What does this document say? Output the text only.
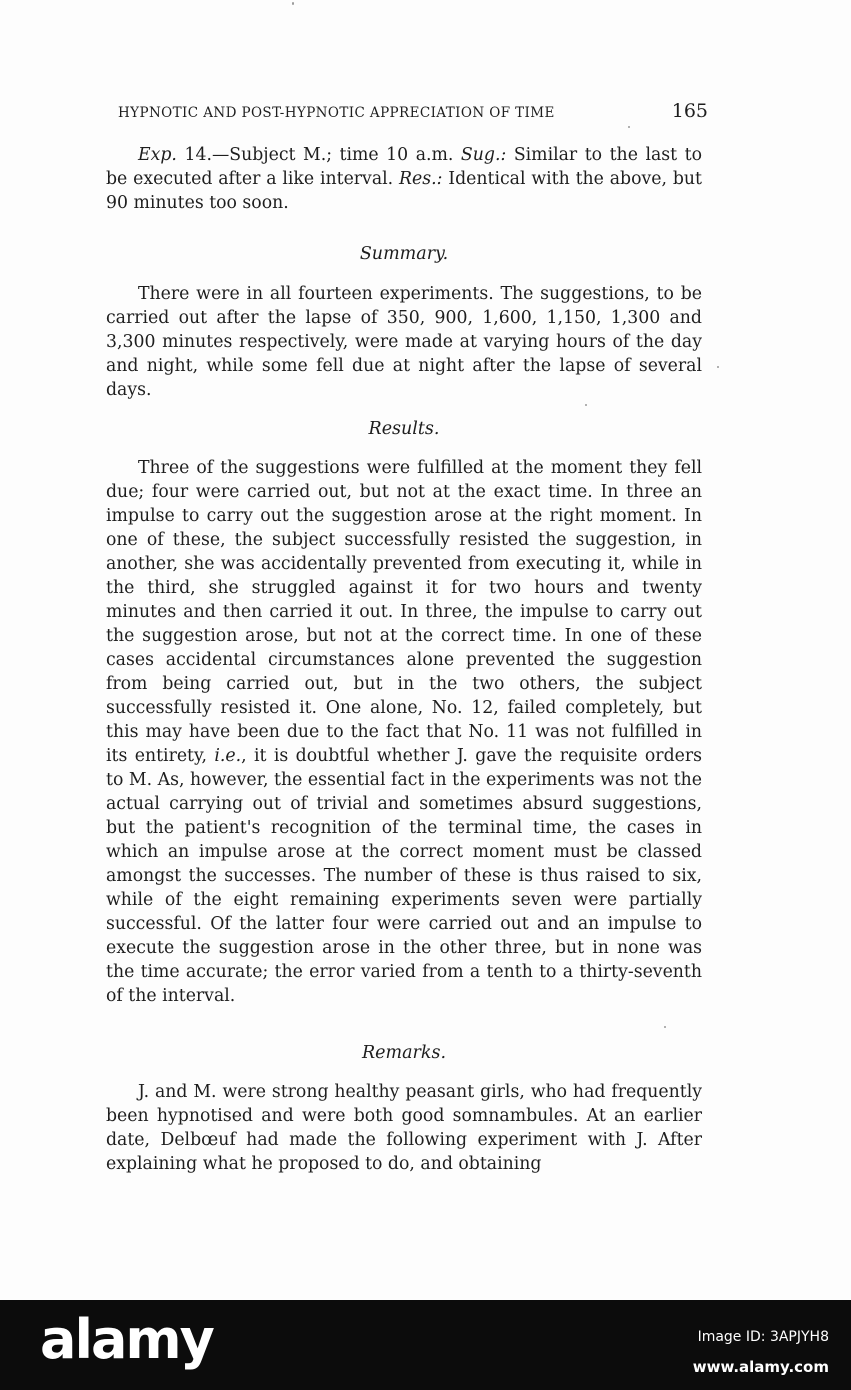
HYPNOTIC AND POST-HYPNOTIC APPRECIATION OF TIME	165

Exp. 14.—Subject M.; time 10 a.m. Sug.: Similar to the last to be executed after a like interval. Res.: Identical with the above, but 90 minutes too soon.

Summary.

There were in all fourteen experiments. The suggestions, to be carried out after the lapse of 350, 900, 1,600, 1,150, 1,300 and 3,300 minutes respectively, were made at varying hours of the day and night, while some fell due at night after the lapse of several days.

Results.

Three of the suggestions were fulfilled at the moment they fell due; four were carried out, but not at the exact time. In three an impulse to carry out the suggestion arose at the right moment. In one of these, the subject successfully resisted the suggestion, in another, she was accidentally prevented from executing it, while in the third, she struggled against it for two hours and twenty minutes and then carried it out. In three, the impulse to carry out the suggestion arose, but not at the correct time. In one of these cases accidental circumstances alone prevented the suggestion from being carried out, but in the two others, the subject successfully resisted it. One alone, No. 12, failed completely, but this may have been due to the fact that No. 11 was not fulfilled in its entirety, i.e., it is doubtful whether J. gave the requisite orders to M. As, however, the essential fact in the experiments was not the actual carrying out of trivial and sometimes absurd suggestions, but the patient's recognition of the terminal time, the cases in which an impulse arose at the correct moment must be classed amongst the successes. The number of these is thus raised to six, while of the eight remaining experiments seven were partially successful. Of the latter four were carried out and an impulse to execute the suggestion arose in the other three, but in none was the time accurate; the error varied from a tenth to a thirty-seventh of the interval.

Remarks.

J. and M. were strong healthy peasant girls, who had frequently been hypnotised and were both good somnambules. At an earlier date, Delbœuf had made the following experiment with J. After explaining what he proposed to do, and obtaining

alamy	Image ID: 3APJYH8
www.alamy.com
